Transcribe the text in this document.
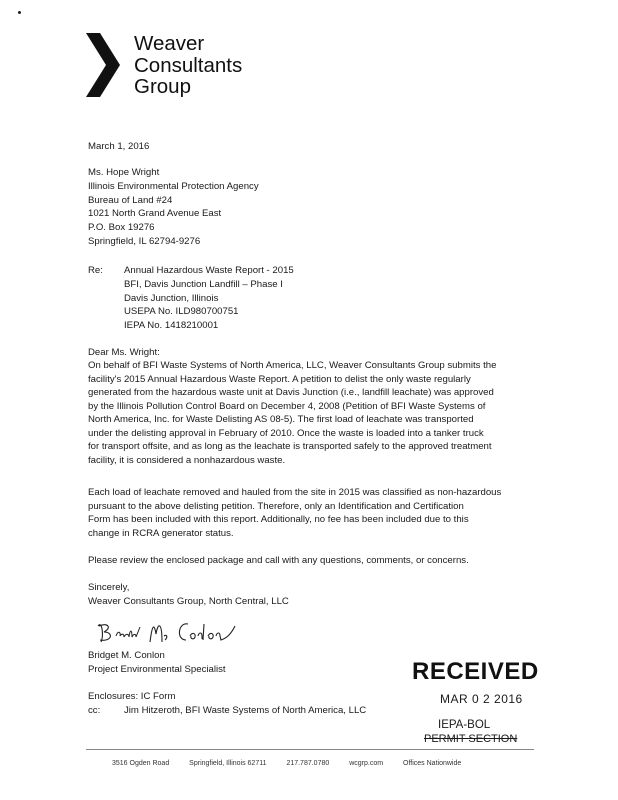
Weaver
Consultants
Group
March 1, 2016
Ms. Hope Wright
Illinois Environmental Protection Agency
Bureau of Land #24
1021 North Grand Avenue East
P.O. Box 19276
Springfield, IL 62794-9276
Re: Annual Hazardous Waste Report - 2015
BFI, Davis Junction Landfill – Phase I
Davis Junction, Illinois
USEPA No. ILD980700751
IEPA No. 1418210001
Dear Ms. Wright:
On behalf of BFI Waste Systems of North America, LLC, Weaver Consultants Group submits the
facility's 2015 Annual Hazardous Waste Report. A petition to delist the only waste regularly
generated from the hazardous waste unit at Davis Junction (i.e., landfill leachate) was approved
by the Illinois Pollution Control Board on December 4, 2008 (Petition of BFI Waste Systems of
North America, Inc. for Waste Delisting AS 08-5). The first load of leachate was transported
under the delisting approval in February of 2010. Once the waste is loaded into a tanker truck
for transport offsite, and as long as the leachate is transported safely to the approved treatment
facility, it is considered a nonhazardous waste.
Each load of leachate removed and hauled from the site in 2015 was classified as non-hazardous
pursuant to the above delisting petition. Therefore, only an Identification and Certification
Form has been included with this report. Additionally, no fee has been included due to this
change in RCRA generator status.
Please review the enclosed package and call with any questions, comments, or concerns.
Sincerely,
Weaver Consultants Group, North Central, LLC
Bridget M. Conlon
Project Environmental Specialist
Enclosures: IC Form
cc: Jim Hitzeroth, BFI Waste Systems of North America, LLC
RECEIVED
MAR 0 2 2016
IEPA-BOL
PERMIT SECTION
3516 Ogden Road	Springfield, Illinois 62711	217.787.0780	wcgrp.com	Offices Nationwide
